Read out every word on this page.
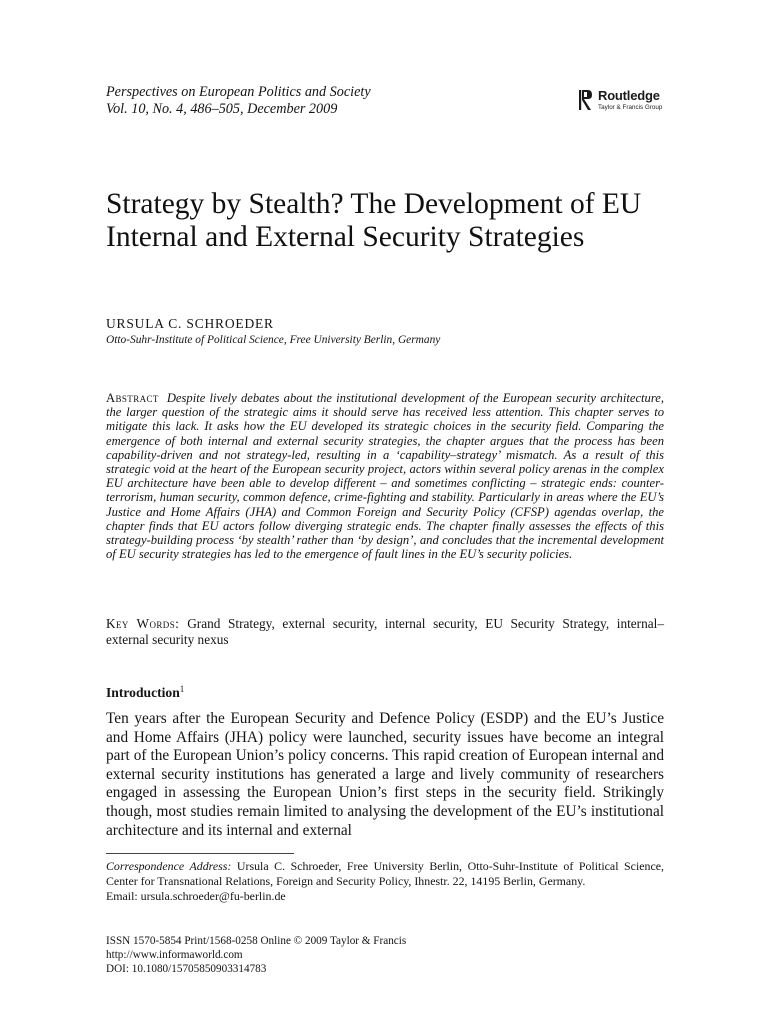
Perspectives on European Politics and Society
Vol. 10, No. 4, 486–505, December 2009
Routledge
Taylor & Francis Group
Strategy by Stealth? The Development of EU Internal and External Security Strategies
URSULA C. SCHROEDER
Otto-Suhr-Institute of Political Science, Free University Berlin, Germany
Abstract Despite lively debates about the institutional development of the European security architecture, the larger question of the strategic aims it should serve has received less attention. This chapter serves to mitigate this lack. It asks how the EU developed its strategic choices in the security field. Comparing the emergence of both internal and external security strategies, the chapter argues that the process has been capability-driven and not strategy-led, resulting in a ‘capability–strategy’ mismatch. As a result of this strategic void at the heart of the European security project, actors within several policy arenas in the complex EU architecture have been able to develop different – and sometimes conflicting – strategic ends: counter-terrorism, human security, common defence, crime-fighting and stability. Particularly in areas where the EU’s Justice and Home Affairs (JHA) and Common Foreign and Security Policy (CFSP) agendas overlap, the chapter finds that EU actors follow diverging strategic ends. The chapter finally assesses the effects of this strategy-building process ‘by stealth’ rather than ‘by design’, and concludes that the incremental development of EU security strategies has led to the emergence of fault lines in the EU’s security policies.
Key Words: Grand Strategy, external security, internal security, EU Security Strategy, internal–external security nexus
Introduction$^1$
Ten years after the European Security and Defence Policy (ESDP) and the EU’s Justice and Home Affairs (JHA) policy were launched, security issues have become an integral part of the European Union’s policy concerns. This rapid creation of European internal and external security institutions has generated a large and lively community of researchers engaged in assessing the European Union’s first steps in the security field. Strikingly though, most studies remain limited to analysing the development of the EU’s institutional architecture and its internal and external
Correspondence Address: Ursula C. Schroeder, Free University Berlin, Otto-Suhr-Institute of Political Science, Center for Transnational Relations, Foreign and Security Policy, Ihnestr. 22, 14195 Berlin, Germany.
Email: ursula.schroeder@fu-berlin.de
ISSN 1570-5854 Print/1568-0258 Online © 2009 Taylor & Francis
http://www.informaworld.com
DOI: 10.1080/15705850903314783
